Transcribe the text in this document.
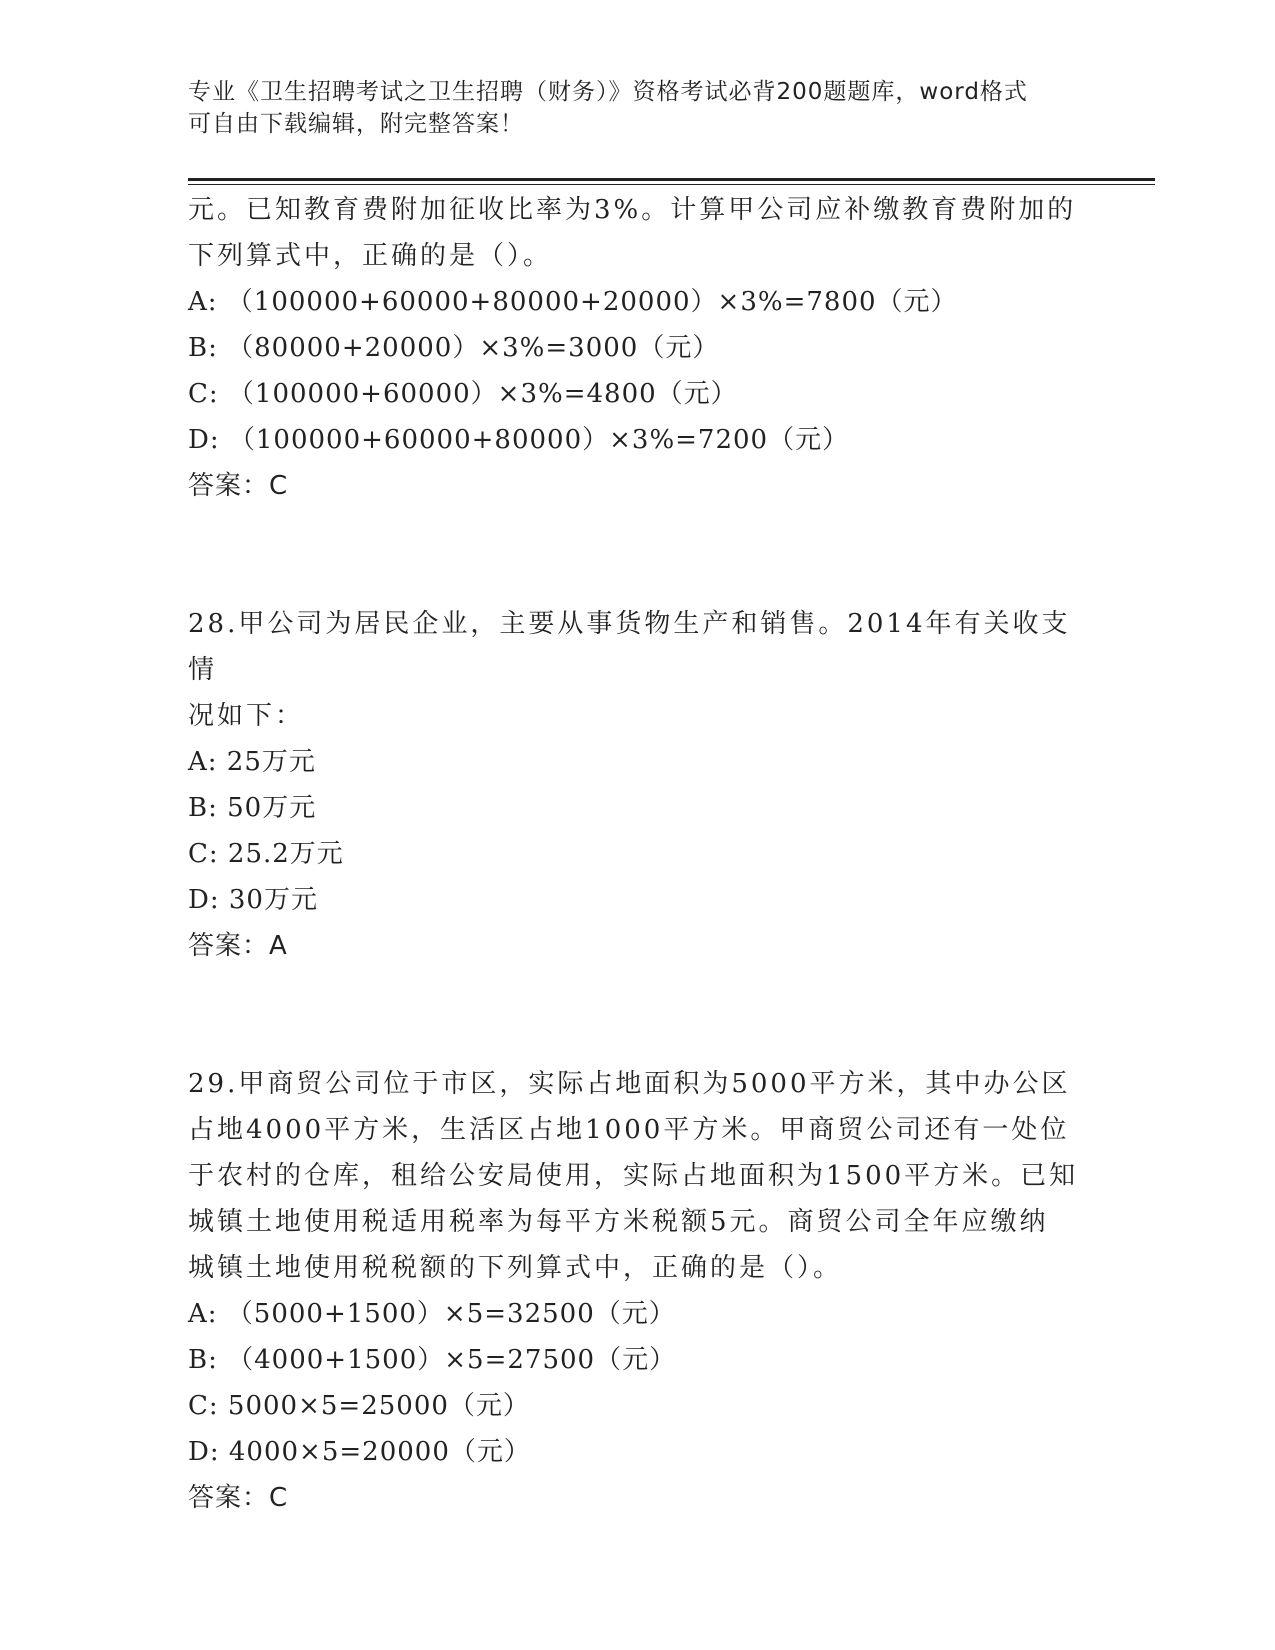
专业《卫生招聘考试之卫生招聘（财务）》资格考试必背200题题库，word格式
可自由下载编辑，附完整答案！
元。已知教育费附加征收比率为3%。计算甲公司应补缴教育费附加的
下列算式中，正确的是（）。
A: （100000+60000+80000+20000）×3%=7800（元）
B: （80000+20000）×3%=3000（元）
C: （100000+60000）×3%=4800（元）
D: （100000+60000+80000）×3%=7200（元）
答案：C
28.甲公司为居民企业，主要从事货物生产和销售。2014年有关收支情
况如下：
A: 25万元
B: 50万元
C: 25.2万元
D: 30万元
答案：A
29.甲商贸公司位于市区，实际占地面积为5000平方米，其中办公区
占地4000平方米，生活区占地1000平方米。甲商贸公司还有一处位
于农村的仓库，租给公安局使用，实际占地面积为1500平方米。已知
城镇土地使用税适用税率为每平方米税额5元。商贸公司全年应缴纳
城镇土地使用税税额的下列算式中，正确的是（）。
A: （5000+1500）×5=32500（元）
B: （4000+1500）×5=27500（元）
C: 5000×5=25000（元）
D: 4000×5=20000（元）
答案：C
